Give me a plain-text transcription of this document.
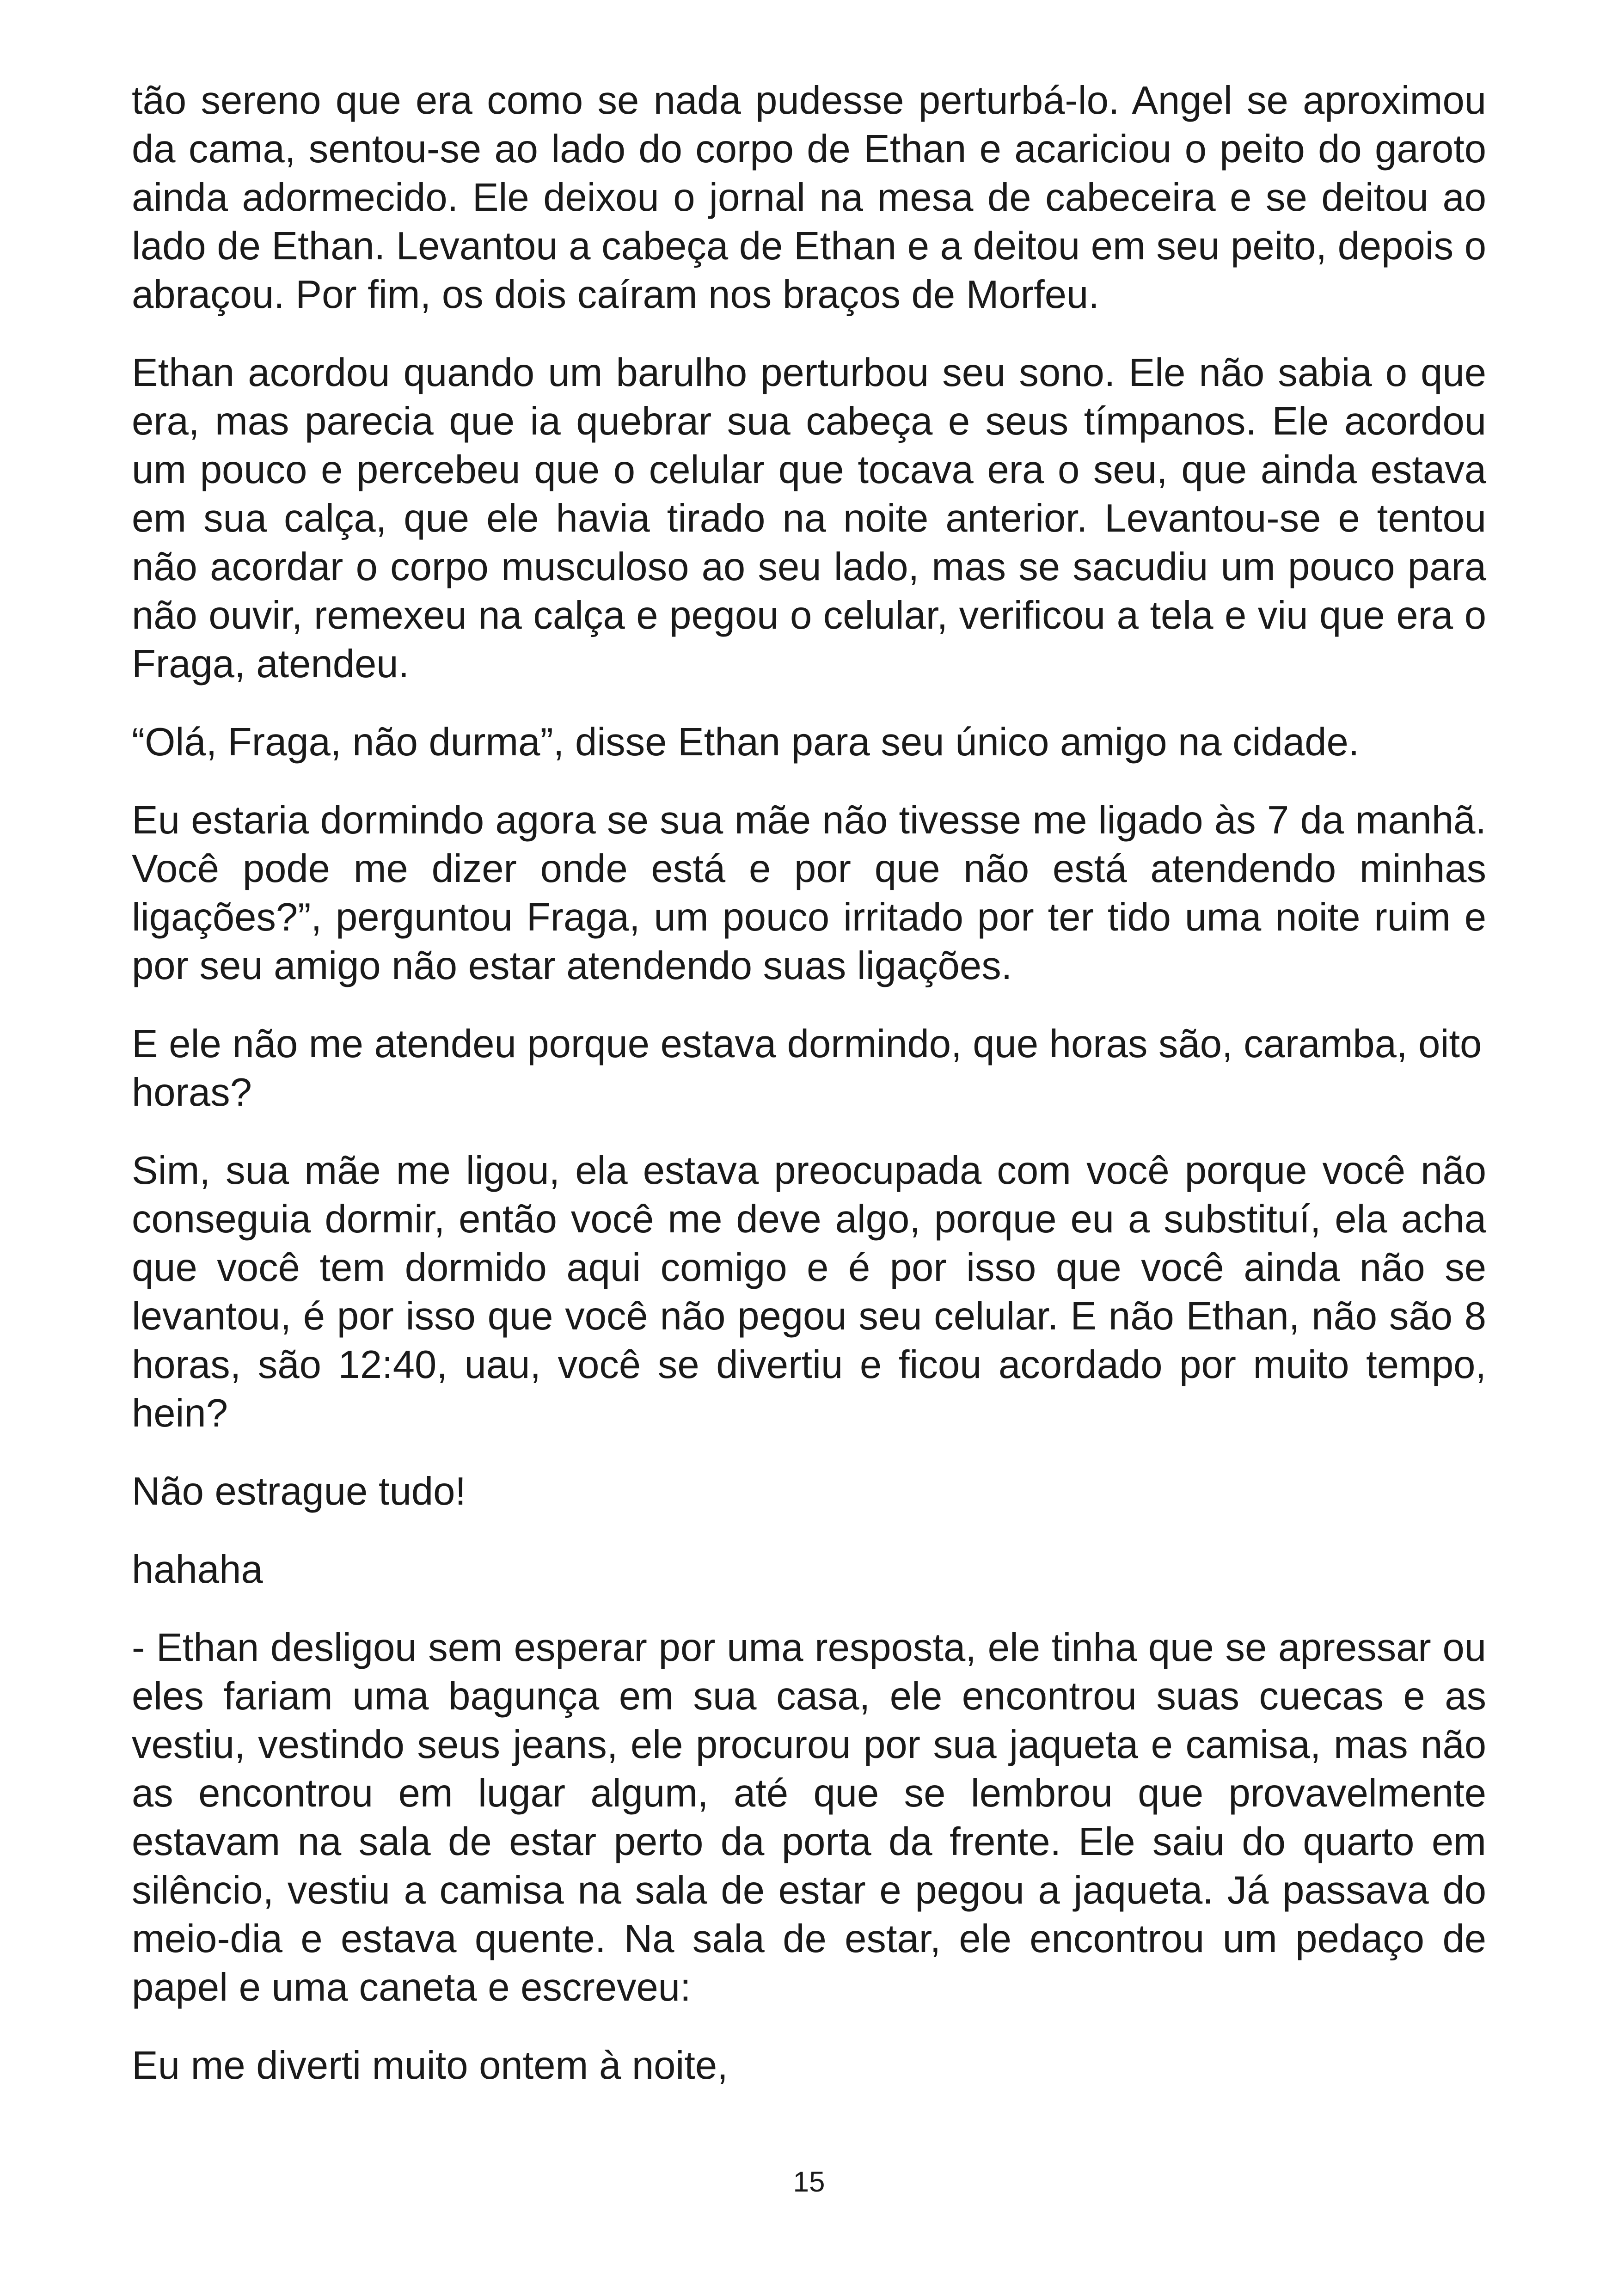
tão sereno que era como se nada pudesse perturbá-lo. Angel se aproximou da cama, sentou-se ao lado do corpo de Ethan e acariciou o peito do garoto ainda adormecido. Ele deixou o jornal na mesa de cabeceira e se deitou ao lado de Ethan. Levantou a cabeça de Ethan e a deitou em seu peito, depois o abraçou. Por fim, os dois caíram nos braços de Morfeu.

Ethan acordou quando um barulho perturbou seu sono. Ele não sabia o que era, mas parecia que ia quebrar sua cabeça e seus tímpanos. Ele acordou um pouco e percebeu que o celular que tocava era o seu, que ainda estava em sua calça, que ele havia tirado na noite anterior. Levantou-se e tentou não acordar o corpo musculoso ao seu lado, mas se sacudiu um pouco para não ouvir, remexeu na calça e pegou o celular, verificou a tela e viu que era o Fraga, atendeu.

“Olá, Fraga, não durma”, disse Ethan para seu único amigo na cidade.

Eu estaria dormindo agora se sua mãe não tivesse me ligado às 7 da manhã. Você pode me dizer onde está e por que não está atendendo minhas ligações?”, perguntou Fraga, um pouco irritado por ter tido uma noite ruim e por seu amigo não estar atendendo suas ligações.

E ele não me atendeu porque estava dormindo, que horas são, caramba, oito horas?

Sim, sua mãe me ligou, ela estava preocupada com você porque você não conseguia dormir, então você me deve algo, porque eu a substituí, ela acha que você tem dormido aqui comigo e é por isso que você ainda não se levantou, é por isso que você não pegou seu celular. E não Ethan, não são 8 horas, são 12:40, uau, você se divertiu e ficou acordado por muito tempo, hein?

Não estrague tudo!

hahaha

- Ethan desligou sem esperar por uma resposta, ele tinha que se apressar ou eles fariam uma bagunça em sua casa, ele encontrou suas cuecas e as vestiu, vestindo seus jeans, ele procurou por sua jaqueta e camisa, mas não as encontrou em lugar algum, até que se lembrou que provavelmente estavam na sala de estar perto da porta da frente. Ele saiu do quarto em silêncio, vestiu a camisa na sala de estar e pegou a jaqueta. Já passava do meio-dia e estava quente. Na sala de estar, ele encontrou um pedaço de papel e uma caneta e escreveu:

Eu me diverti muito ontem à noite,

15
